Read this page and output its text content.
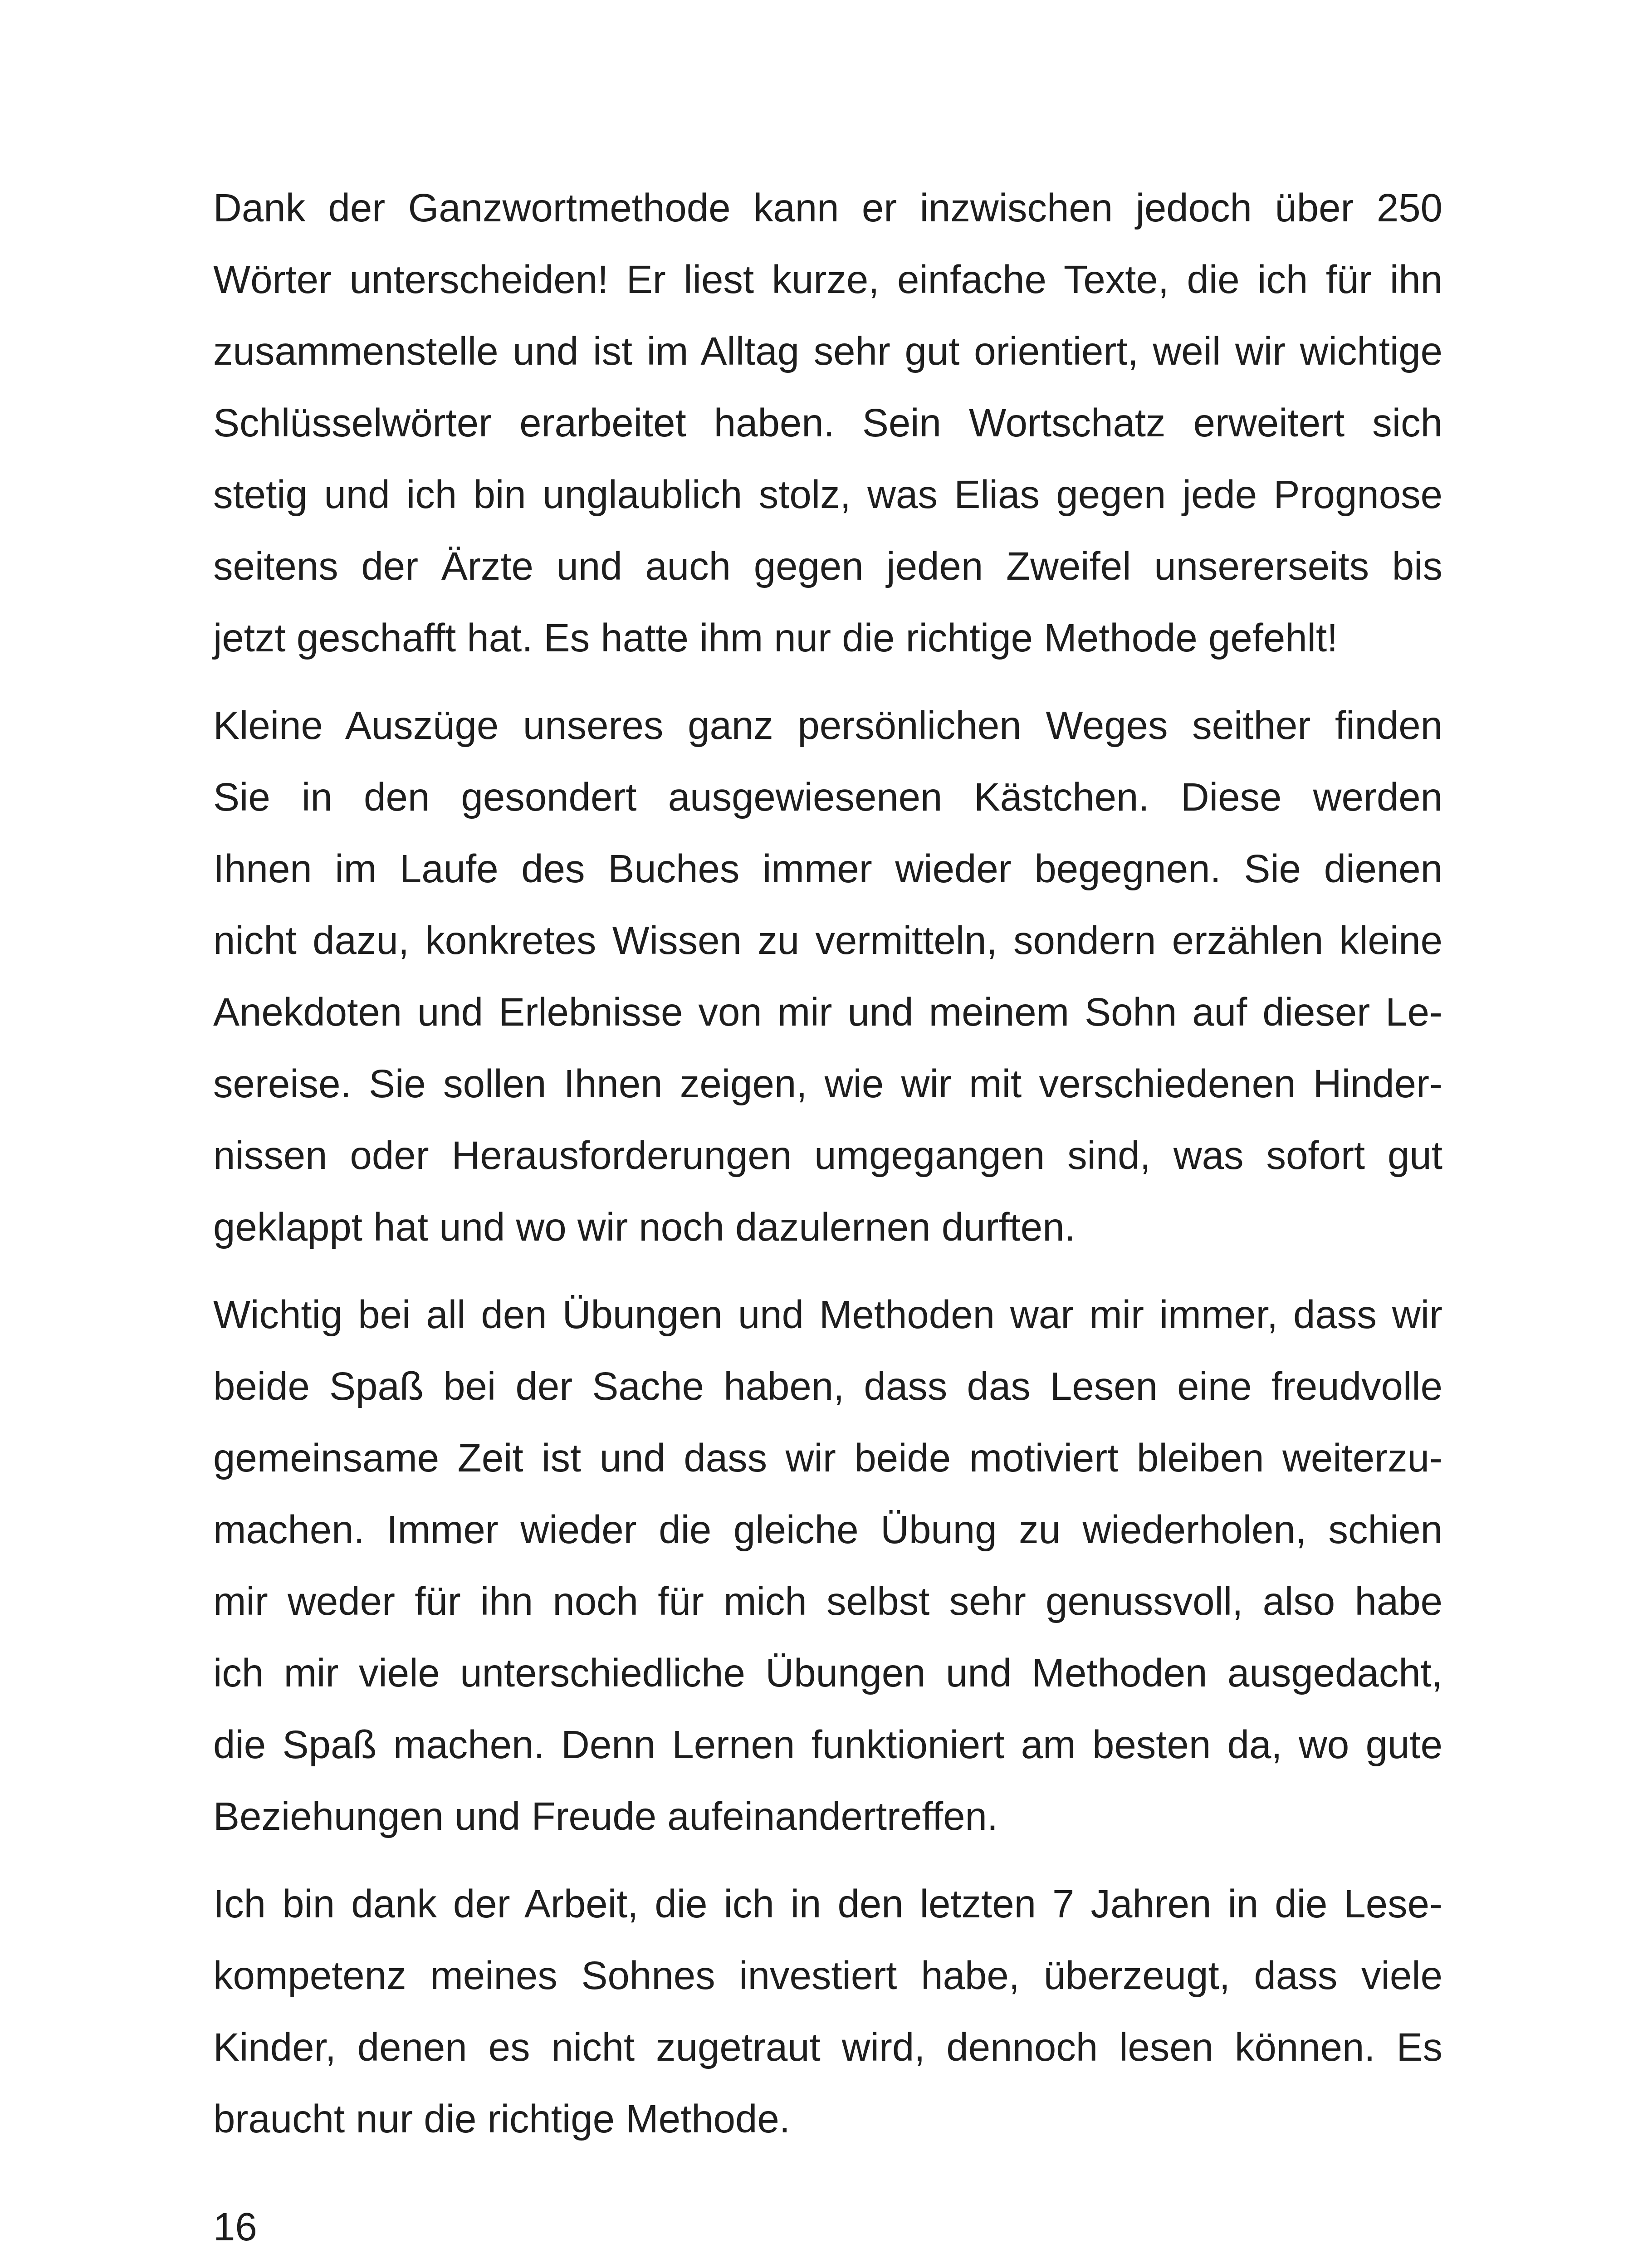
Dank der Ganzwortmethode kann er inzwischen jedoch über 250
Wörter unterscheiden! Er liest kurze, einfache Texte, die ich für ihn
zusammenstelle und ist im Alltag sehr gut orientiert, weil wir wichtige
Schlüsselwörter erarbeitet haben. Sein Wortschatz erweitert sich
stetig und ich bin unglaublich stolz, was Elias gegen jede Prognose
seitens der Ärzte und auch gegen jeden Zweifel unsererseits bis
jetzt geschafft hat. Es hatte ihm nur die richtige Methode gefehlt!

Kleine Auszüge unseres ganz persönlichen Weges seither finden
Sie in den gesondert ausgewiesenen Kästchen. Diese werden
Ihnen im Laufe des Buches immer wieder begegnen. Sie dienen
nicht dazu, konkretes Wissen zu vermitteln, sondern erzählen kleine
Anekdoten und Erlebnisse von mir und meinem Sohn auf dieser Le-
sereise. Sie sollen Ihnen zeigen, wie wir mit verschiedenen Hinder-
nissen oder Herausforderungen umgegangen sind, was sofort gut
geklappt hat und wo wir noch dazulernen durften.

Wichtig bei all den Übungen und Methoden war mir immer, dass wir
beide Spaß bei der Sache haben, dass das Lesen eine freudvolle
gemeinsame Zeit ist und dass wir beide motiviert bleiben weiterzu-
machen. Immer wieder die gleiche Übung zu wiederholen, schien
mir weder für ihn noch für mich selbst sehr genussvoll, also habe
ich mir viele unterschiedliche Übungen und Methoden ausgedacht,
die Spaß machen. Denn Lernen funktioniert am besten da, wo gute
Beziehungen und Freude aufeinandertreffen.

Ich bin dank der Arbeit, die ich in den letzten 7 Jahren in die Lese-
kompetenz meines Sohnes investiert habe, überzeugt, dass viele
Kinder, denen es nicht zugetraut wird, dennoch lesen können. Es
braucht nur die richtige Methode.

16
